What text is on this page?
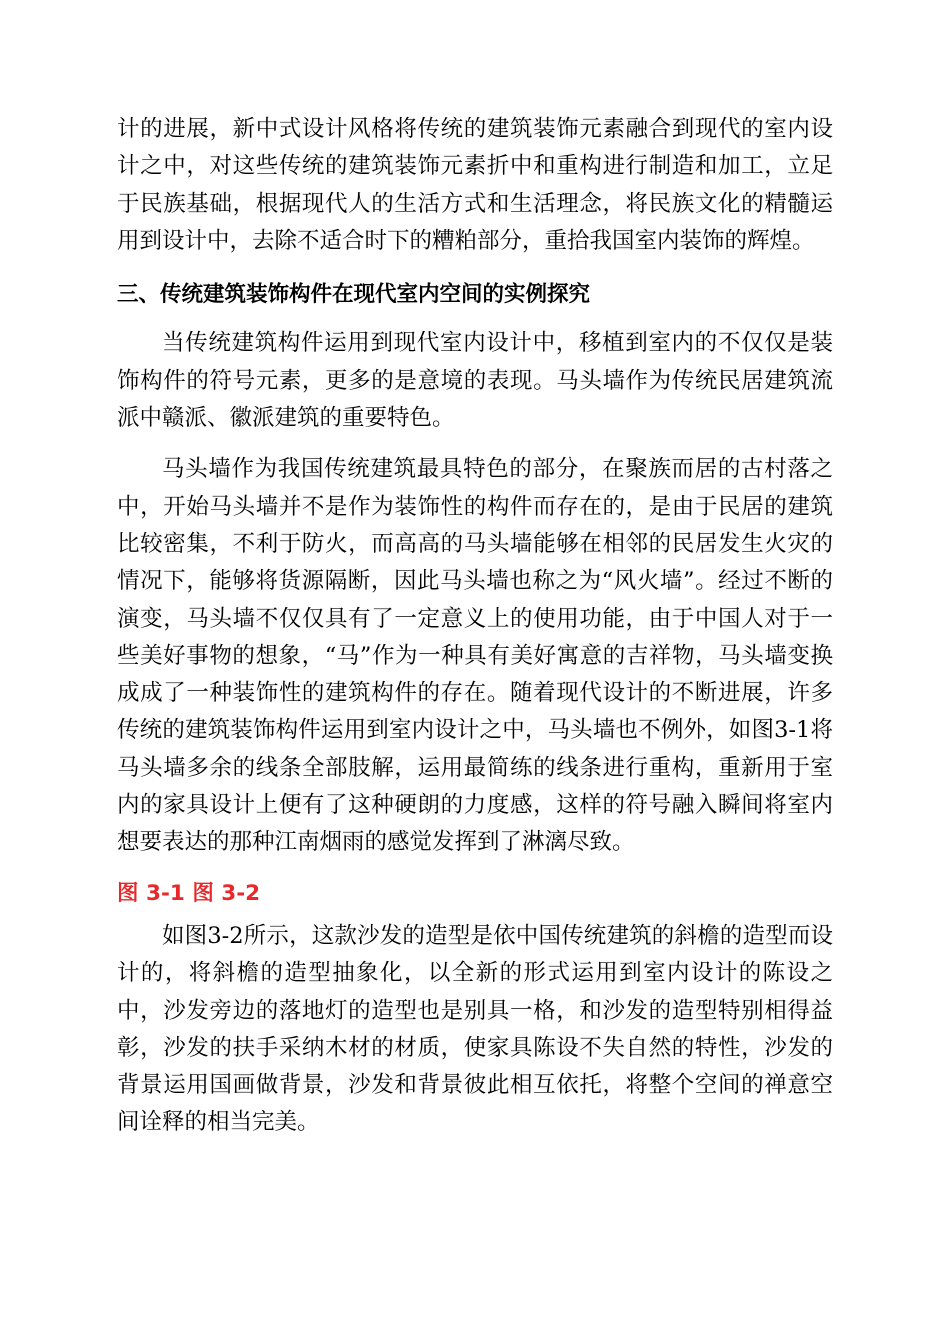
计的进展，新中式设计风格将传统的建筑装饰元素融合到现代的室内设计之中，对这些传统的建筑装饰元素折中和重构进行制造和加工，立足于民族基础，根据现代人的生活方式和生活理念，将民族文化的精髓运用到设计中，去除不适合时下的糟粕部分，重拾我国室内装饰的辉煌。

三、传统建筑装饰构件在现代室内空间的实例探究

当传统建筑构件运用到现代室内设计中，移植到室内的不仅仅是装饰构件的符号元素，更多的是意境的表现。马头墙作为传统民居建筑流派中赣派、徽派建筑的重要特色。

马头墙作为我国传统建筑最具特色的部分，在聚族而居的古村落之中，开始马头墙并不是作为装饰性的构件而存在的，是由于民居的建筑比较密集，不利于防火，而高高的马头墙能够在相邻的民居发生火灾的情况下，能够将货源隔断，因此马头墙也称之为“风火墙”。经过不断的演变，马头墙不仅仅具有了一定意义上的使用功能，由于中国人对于一些美好事物的想象，“马”作为一种具有美好寓意的吉祥物，马头墙变换成成了一种装饰性的建筑构件的存在。随着现代设计的不断进展，许多传统的建筑装饰构件运用到室内设计之中，马头墙也不例外，如图3-1将马头墙多余的线条全部肢解，运用最简练的线条进行重构，重新用于室内的家具设计上便有了这种硬朗的力度感，这样的符号融入瞬间将室内想要表达的那种江南烟雨的感觉发挥到了淋漓尽致。

图 3-1 图 3-2

如图3-2所示，这款沙发的造型是依中国传统建筑的斜檐的造型而设计的，将斜檐的造型抽象化，以全新的形式运用到室内设计的陈设之中，沙发旁边的落地灯的造型也是别具一格，和沙发的造型特别相得益彰，沙发的扶手采纳木材的材质，使家具陈设不失自然的特性，沙发的背景运用国画做背景，沙发和背景彼此相互依托，将整个空间的禅意空间诠释的相当完美。
